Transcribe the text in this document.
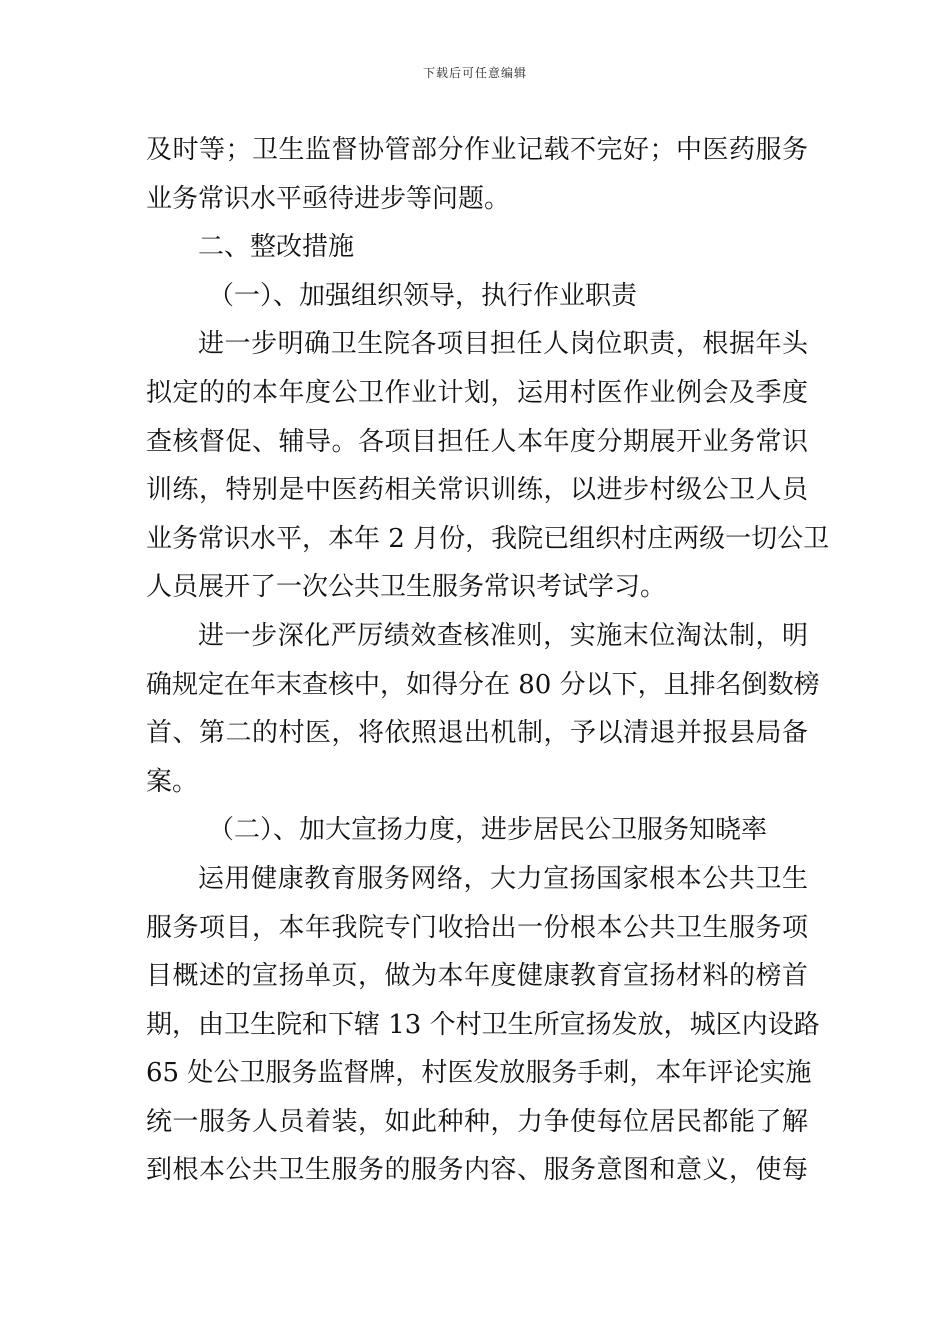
下载后可任意编辑
及时等；卫生监督协管部分作业记载不完好；中医药服务
业务常识水平亟待进步等问题。
二、整改措施
（一）、加强组织领导，执行作业职责
进一步明确卫生院各项目担任人岗位职责，根据年头
拟定的的本年度公卫作业计划，运用村医作业例会及季度
查核督促、辅导。各项目担任人本年度分期展开业务常识
训练，特别是中医药相关常识训练，以进步村级公卫人员
业务常识水平，本年 2 月份，我院已组织村庄两级一切公卫
人员展开了一次公共卫生服务常识考试学习。
进一步深化严厉绩效查核准则，实施末位淘汰制，明
确规定在年末查核中，如得分在 80 分以下，且排名倒数榜
首、第二的村医，将依照退出机制，予以清退并报县局备
案。
（二）、加大宣扬力度，进步居民公卫服务知晓率
运用健康教育服务网络，大力宣扬国家根本公共卫生
服务项目，本年我院专门收拾出一份根本公共卫生服务项
目概述的宣扬单页，做为本年度健康教育宣扬材料的榜首
期，由卫生院和下辖 13 个村卫生所宣扬发放，城区内设路
65 处公卫服务监督牌，村医发放服务手刺，本年评论实施
统一服务人员着装，如此种种，力争使每位居民都能了解
到根本公共卫生服务的服务内容、服务意图和意义，使每
